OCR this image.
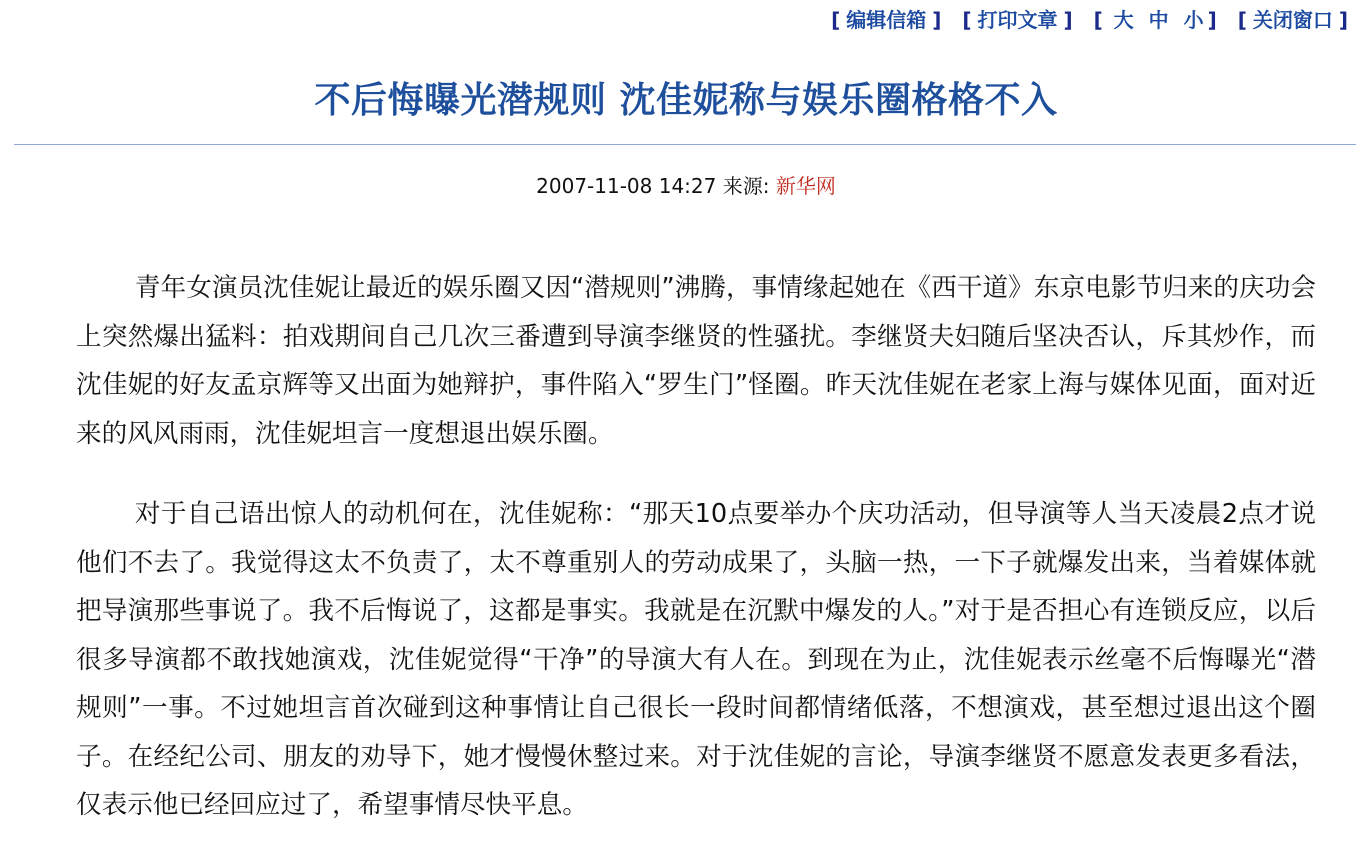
[ 编辑信箱 ] [ 打印文章 ] [ 大 中 小 ] [ 关闭窗口 ]
不后悔曝光潜规则 沈佳妮称与娱乐圈格格不入
2007-11-08 14:27 来源: 新华网

青年女演员沈佳妮让最近的娱乐圈又因“潜规则”沸腾，事情缘起她在《西干道》东京电影节归来的庆功会上突然爆出猛料：拍戏期间自己几次三番遭到导演李继贤的性骚扰。李继贤夫妇随后坚决否认，斥其炒作，而沈佳妮的好友孟京辉等又出面为她辩护，事件陷入“罗生门”怪圈。昨天沈佳妮在老家上海与媒体见面，面对近来的风风雨雨，沈佳妮坦言一度想退出娱乐圈。

对于自己语出惊人的动机何在，沈佳妮称：“那天10点要举办个庆功活动，但导演等人当天凌晨2点才说他们不去了。我觉得这太不负责了，太不尊重别人的劳动成果了，头脑一热，一下子就爆发出来，当着媒体就把导演那些事说了。我不后悔说了，这都是事实。我就是在沉默中爆发的人。”对于是否担心有连锁反应，以后很多导演都不敢找她演戏，沈佳妮觉得“干净”的导演大有人在。到现在为止，沈佳妮表示丝毫不后悔曝光“潜规则”一事。不过她坦言首次碰到这种事情让自己很长一段时间都情绪低落，不想演戏，甚至想过退出这个圈子。在经纪公司、朋友的劝导下，她才慢慢休整过来。对于沈佳妮的言论，导演李继贤不愿意发表更多看法，仅表示他已经回应过了，希望事情尽快平息。
